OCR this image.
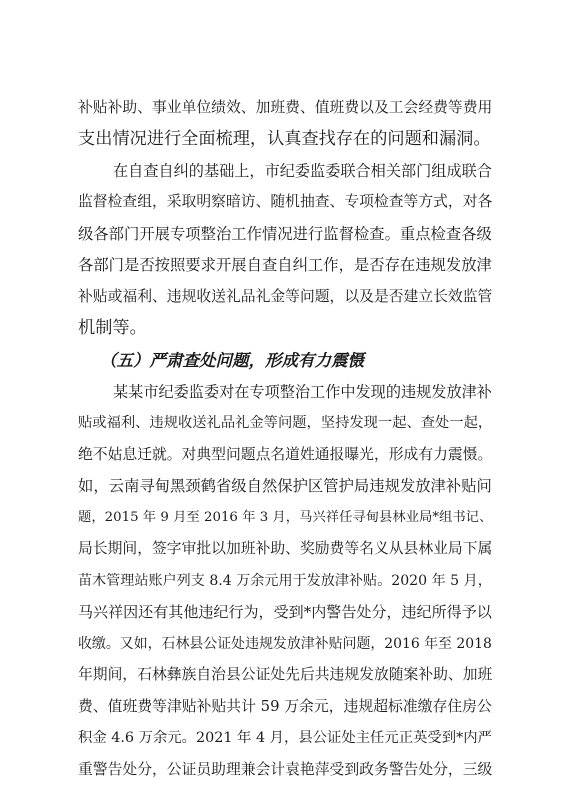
补贴补助、事业单位绩效、加班费、值班费以及工会经费等费用
支出情况进行全面梳理，认真查找存在的问题和漏洞。
在自查自纠的基础上，市纪委监委联合相关部门组成联合
监督检查组，采取明察暗访、随机抽查、专项检查等方式，对各
级各部门开展专项整治工作情况进行监督检查。重点检查各级
各部门是否按照要求开展自查自纠工作，是否存在违规发放津
补贴或福利、违规收送礼品礼金等问题，以及是否建立长效监管
机制等。
（五）严肃查处问题，形成有力震慑
某某市纪委监委对在专项整治工作中发现的违规发放津补
贴或福利、违规收送礼品礼金等问题，坚持发现一起、查处一起，
绝不姑息迁就。对典型问题点名道姓通报曝光，形成有力震慑。
如，云南寻甸黑颈鹤省级自然保护区管护局违规发放津补贴问
题，2015 年 9 月至 2016 年 3 月，马兴祥任寻甸县林业局*组书记、
局长期间，签字审批以加班补助、奖励费等名义从县林业局下属
苗木管理站账户列支 8.4 万余元用于发放津补贴。2020 年 5 月，
马兴祥因还有其他违纪行为，受到*内警告处分，违纪所得予以
收缴。又如，石林县公证处违规发放津补贴问题，2016 年至 2018
年期间，石林彝族自治县公证处先后共违规发放随案补助、加班
费、值班费等津贴补贴共计 59 万余元，违规超标准缴存住房公
积金 4.6 万余元。2021 年 4 月，县公证处主任元正英受到*内严
重警告处分，公证员助理兼会计袁艳萍受到政务警告处分，三级
